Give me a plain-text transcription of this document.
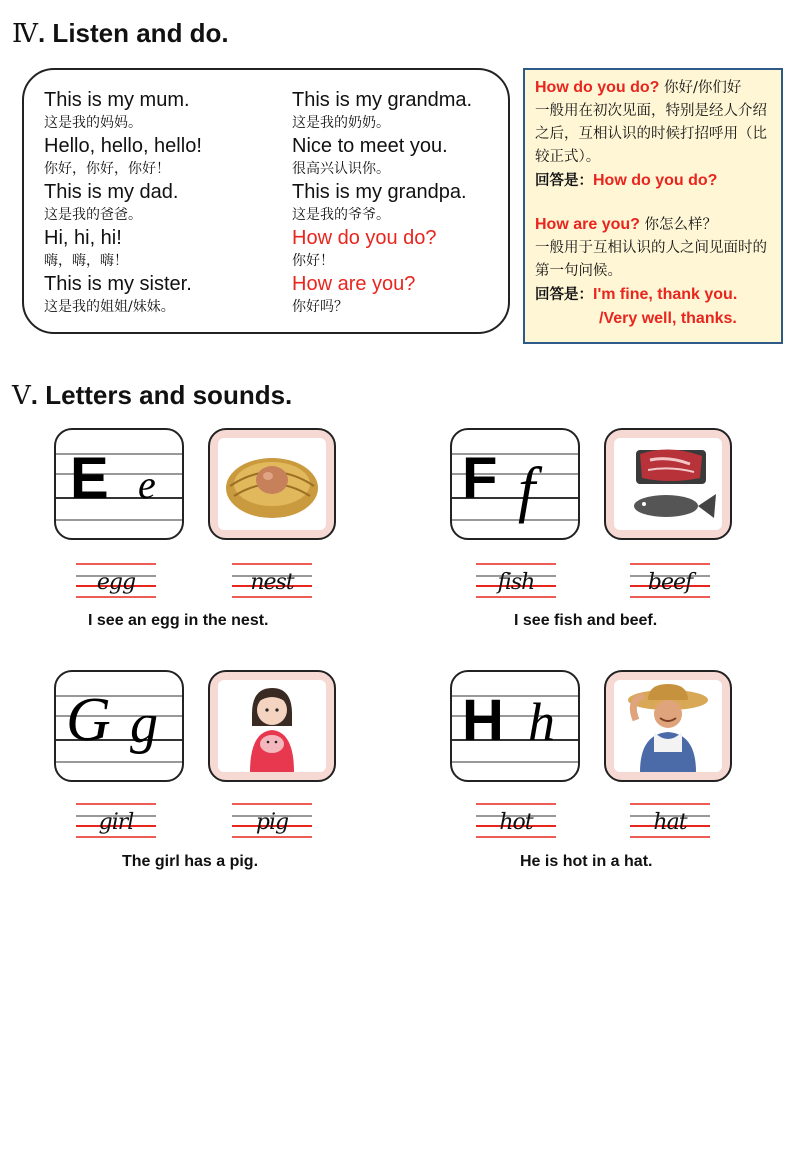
Ⅳ. Listen and do.
This is my mum.
这是我的妈妈。
Hello, hello, hello!
你好，你好，你好！
This is my dad.
这是我的爸爸。
Hi, hi, hi!
嗨，嗨，嗨！
This is my sister.
这是我的姐姐/妹妹。
This is my grandma.
这是我的奶奶。
Nice to meet you.
很高兴认识你。
This is my grandpa.
这是我的爷爷。
How do you do?
你好！
How are you?
你好吗？
How do you do? 你好/你们好
一般用在初次见面，特别是经人介绍之后，互相认识的时候打招呼用（比较正式）。
回答是：How do you do?
How are you? 你怎么样？
一般用于互相认识的人之间见面时的第一句问候。
回答是：I'm fine, thank you.
/Very well, thanks.
Ⅴ. Letters and sounds.
E e
egg	nest
I see an egg in the nest.
F f
fish	beef
I see fish and beef.
G g
girl	pig
The girl has a pig.
H h
hot	hat
He is hot in a hat.
